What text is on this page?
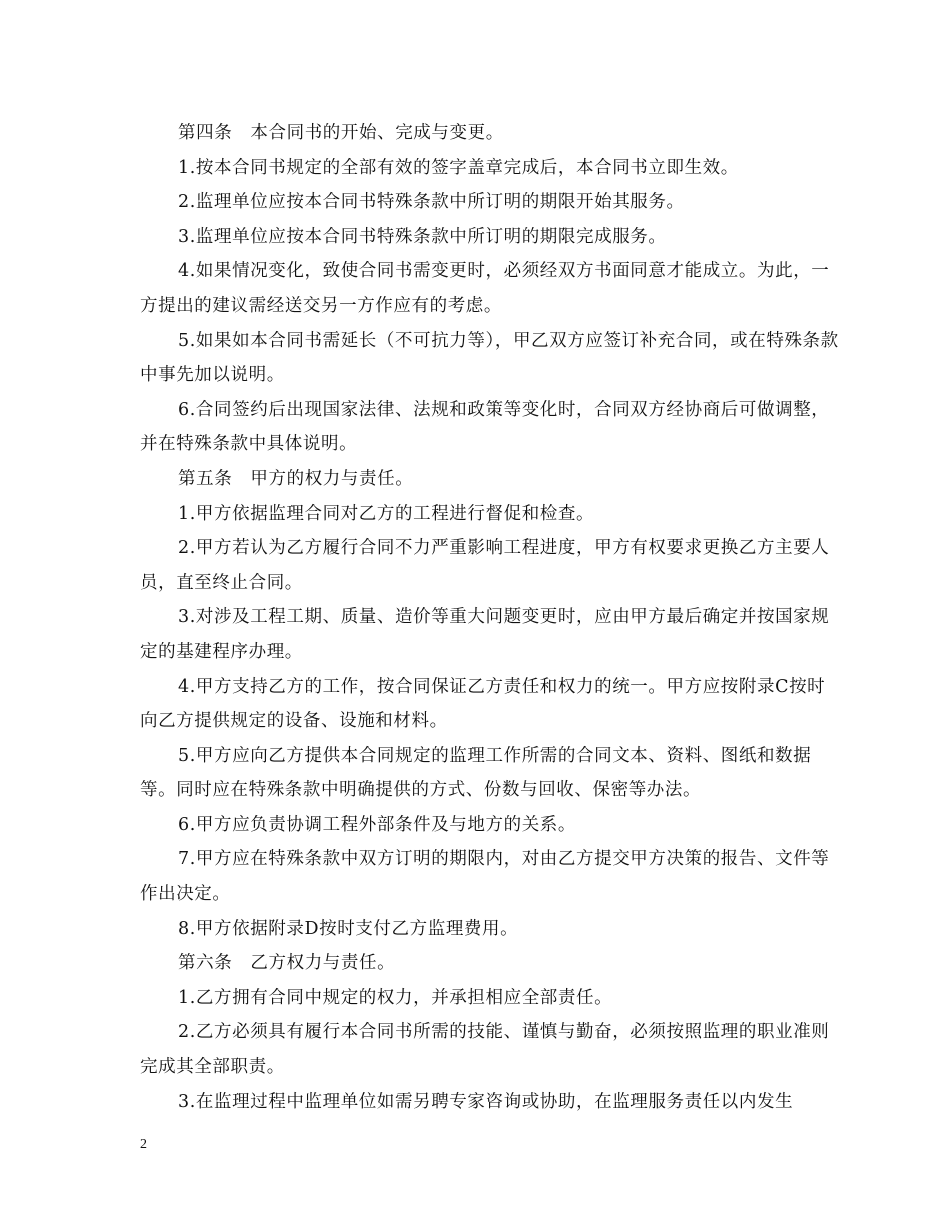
第四条　本合同书的开始、完成与变更。

1.按本合同书规定的全部有效的签字盖章完成后，本合同书立即生效。

2.监理单位应按本合同书特殊条款中所订明的期限开始其服务。

3.监理单位应按本合同书特殊条款中所订明的期限完成服务。

4.如果情况变化，致使合同书需变更时，必须经双方书面同意才能成立。为此，一方提出的建议需经送交另一方作应有的考虑。

5.如果如本合同书需延长（不可抗力等），甲乙双方应签订补充合同，或在特殊条款中事先加以说明。

6.合同签约后出现国家法律、法规和政策等变化时，合同双方经协商后可做调整，并在特殊条款中具体说明。

第五条　甲方的权力与责任。

1.甲方依据监理合同对乙方的工程进行督促和检查。

2.甲方若认为乙方履行合同不力严重影响工程进度，甲方有权要求更换乙方主要人员，直至终止合同。

3.对涉及工程工期、质量、造价等重大问题变更时，应由甲方最后确定并按国家规定的基建程序办理。

4.甲方支持乙方的工作，按合同保证乙方责任和权力的统一。甲方应按附录C按时向乙方提供规定的设备、设施和材料。

5.甲方应向乙方提供本合同规定的监理工作所需的合同文本、资料、图纸和数据等。同时应在特殊条款中明确提供的方式、份数与回收、保密等办法。

6.甲方应负责协调工程外部条件及与地方的关系。

7.甲方应在特殊条款中双方订明的期限内，对由乙方提交甲方决策的报告、文件等作出决定。

8.甲方依据附录D按时支付乙方监理费用。

第六条　乙方权力与责任。

1.乙方拥有合同中规定的权力，并承担相应全部责任。

2.乙方必须具有履行本合同书所需的技能、谨慎与勤奋，必须按照监理的职业准则完成其全部职责。

3.在监理过程中监理单位如需另聘专家咨询或协助，在监理服务责任以内发生

2
